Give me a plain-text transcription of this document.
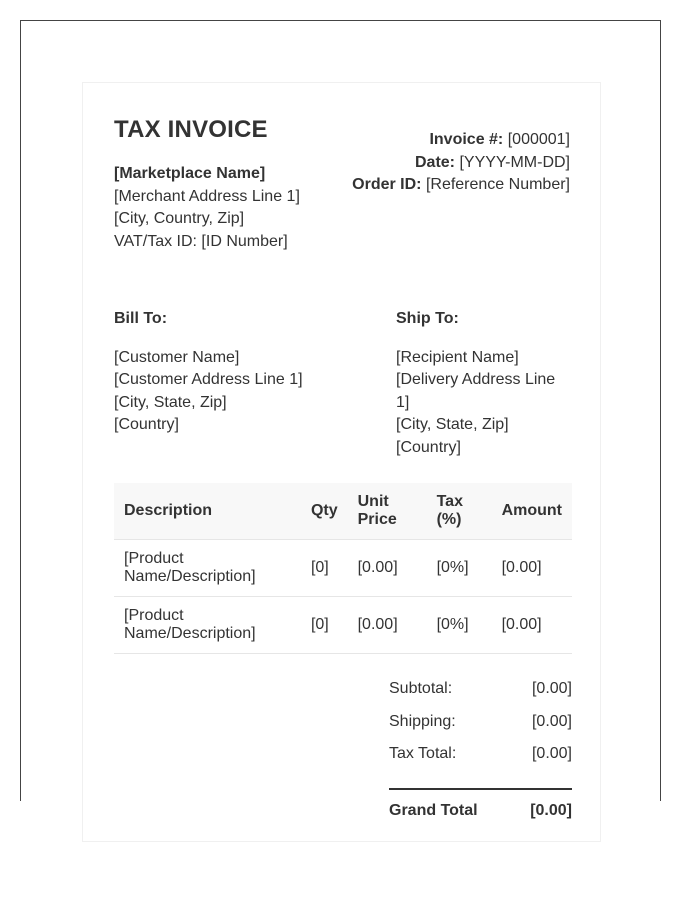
TAX INVOICE
[Marketplace Name]
[Merchant Address Line 1]
[City, Country, Zip]
VAT/Tax ID: [ID Number]
Invoice #: [000001]
Date: [YYYY-MM-DD]
Order ID: [Reference Number]
Bill To:
[Customer Name]
[Customer Address Line 1]
[City, State, Zip]
[Country]
Ship To:
[Recipient Name]
[Delivery Address Line 1]
[City, State, Zip]
[Country]
Description	Qty	Unit Price	Tax (%)	Amount
[Product Name/Description]	[0]	[0.00]	[0%]	[0.00]
[Product Name/Description]	[0]	[0.00]	[0%]	[0.00]
Subtotal:	[0.00]
Shipping:	[0.00]
Tax Total:	[0.00]
Grand Total	[0.00]
